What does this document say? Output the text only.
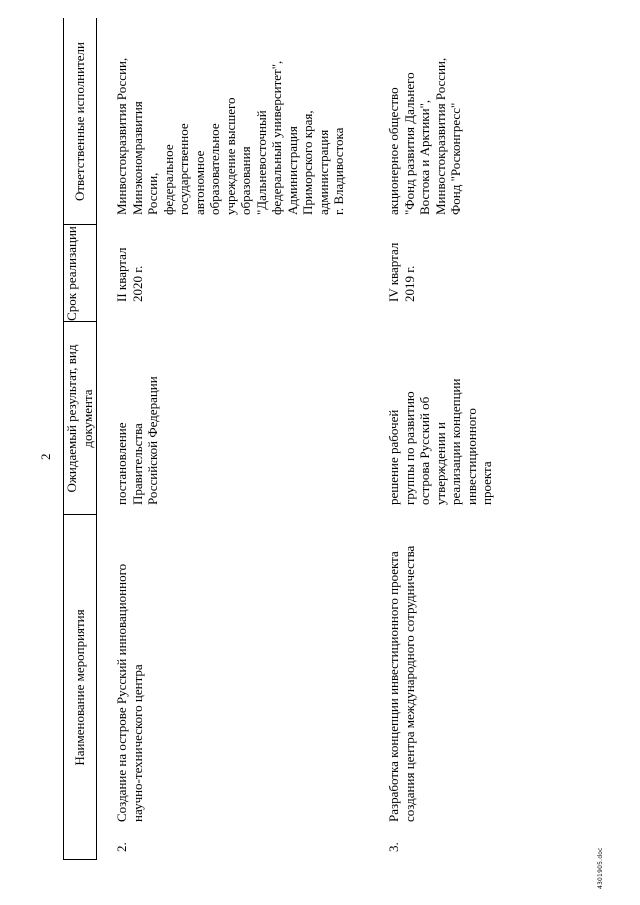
2
Наименование мероприятия
Ожидаемый результат, вид документа
Срок реализации
Ответственные исполнители
2.
Создание на острове Русский инновационного научно-технического центра
постановление
Правительства
Российской Федерации
II квартал
2020 г.
Минвостокразвития России,
Минэкономразвития
России,
федеральное
государственное
автономное
образовательное
учреждение высшего
образования
"Дальневосточный
федеральный университет",
Администрация
Приморского края,
администрация
г. Владивостока
3.
Разработка концепции инвестиционного проекта создания центра международного сотрудничества
решение рабочей
группы по развитию
острова Русский об
утверждении и
реализации концепции
инвестиционного
проекта
IV квартал
2019 г.
акционерное общество
"Фонд развития Дальнего
Востока и Арктики",
Минвостокразвития России,
Фонд "Росконгресс"
4301905.doc
